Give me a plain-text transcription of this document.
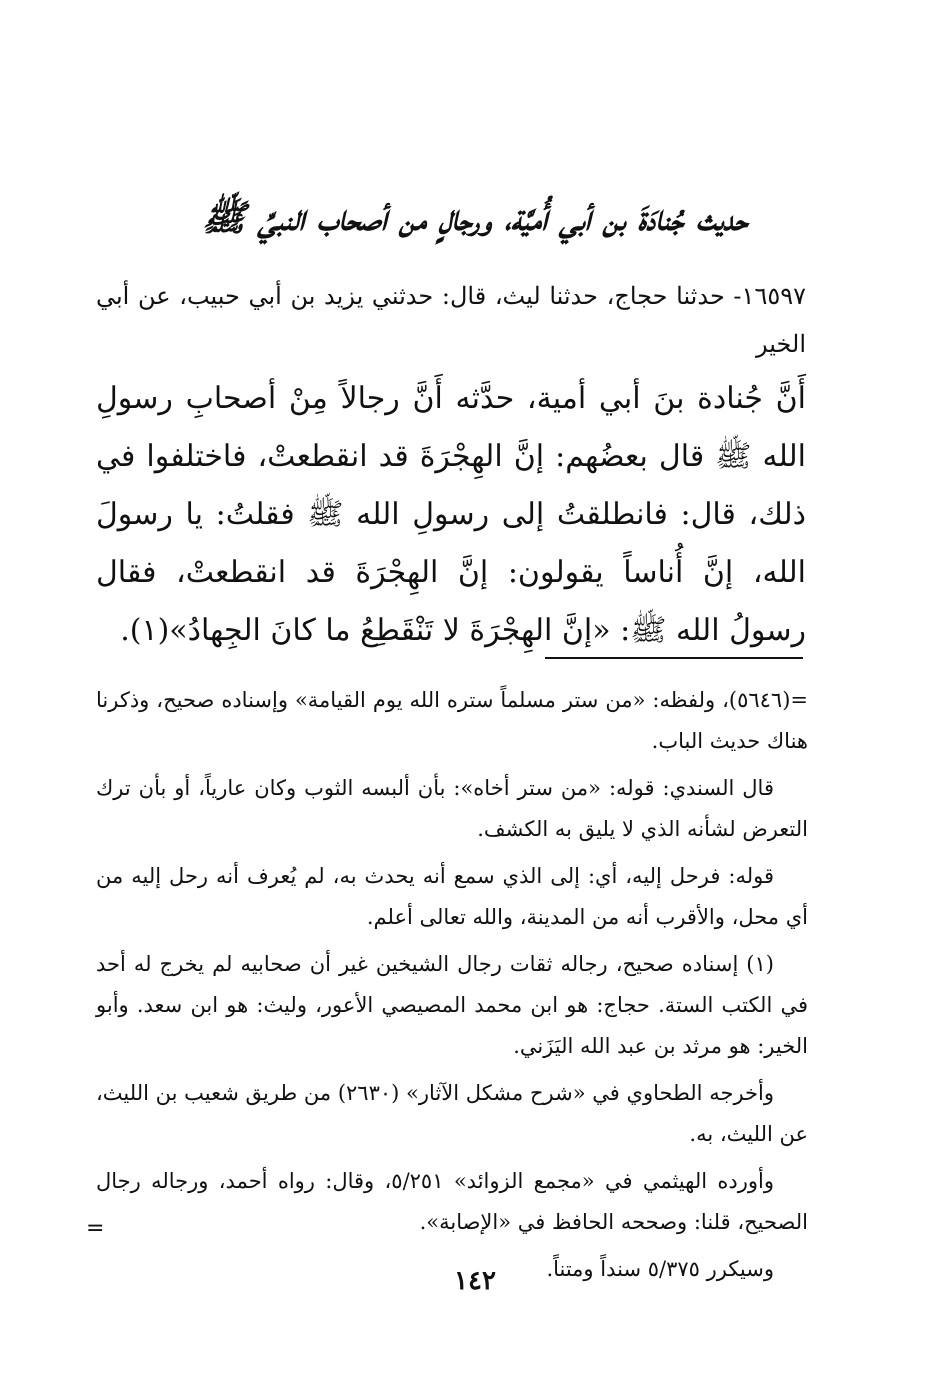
حديث جُنادَةَ بن أبي أُميَّة، ورجالٍ من أصحاب النبيِّ ﷺ
١٦٥٩٧- حدثنا حجاج، حدثنا ليث، قال: حدثني يزيد بن أبي حبيب، عن أبي الخير
أَنَّ جُنادة بنَ أبي أمية، حدَّثه أَنَّ رجالاً مِنْ أصحابِ رسولِ الله ﷺ قال بعضُهم: إنَّ الهِجْرَةَ قد انقطعتْ، فاختلفوا في ذلك، قال: فانطلقتُ إلى رسولِ الله ﷺ فقلتُ: يا رسولَ الله، إنَّ أُناساً يقولون: إنَّ الهِجْرَةَ قد انقطعتْ، فقال رسولُ الله ﷺ: «إنَّ الهِجْرَةَ لا تَنْقَطِعُ ما كانَ الجِهادُ»(١).

=(٥٦٤٦)، ولفظه: «من ستر مسلماً ستره الله يوم القيامة» وإسناده صحيح، وذكرنا هناك حديث الباب.

قال السندي: قوله: «من ستر أخاه»: بأن ألبسه الثوب وكان عارياً، أو بأن ترك التعرض لشأنه الذي لا يليق به الكشف.

قوله: فرحل إليه، أي: إلى الذي سمع أنه يحدث به، لم يُعرف أنه رحل إليه من أي محل، والأقرب أنه من المدينة، والله تعالى أعلم.

(١) إسناده صحيح، رجاله ثقات رجال الشيخين غير أن صحابيه لم يخرج له أحد في الكتب الستة. حجاج: هو ابن محمد المصيصي الأعور، وليث: هو ابن سعد. وأبو الخير: هو مرثد بن عبد الله اليَزَني.

وأخرجه الطحاوي في «شرح مشكل الآثار» (٢٦٣٠) من طريق شعيب بن الليث، عن الليث، به.

وأورده الهيثمي في «مجمع الزوائد» ٥/٢٥١، وقال: رواه أحمد، ورجاله رجال الصحيح، قلنا: وصححه الحافظ في «الإصابة».

وسيكرر ٥/٣٧٥ سنداً ومتناً.

=
١٤٢
